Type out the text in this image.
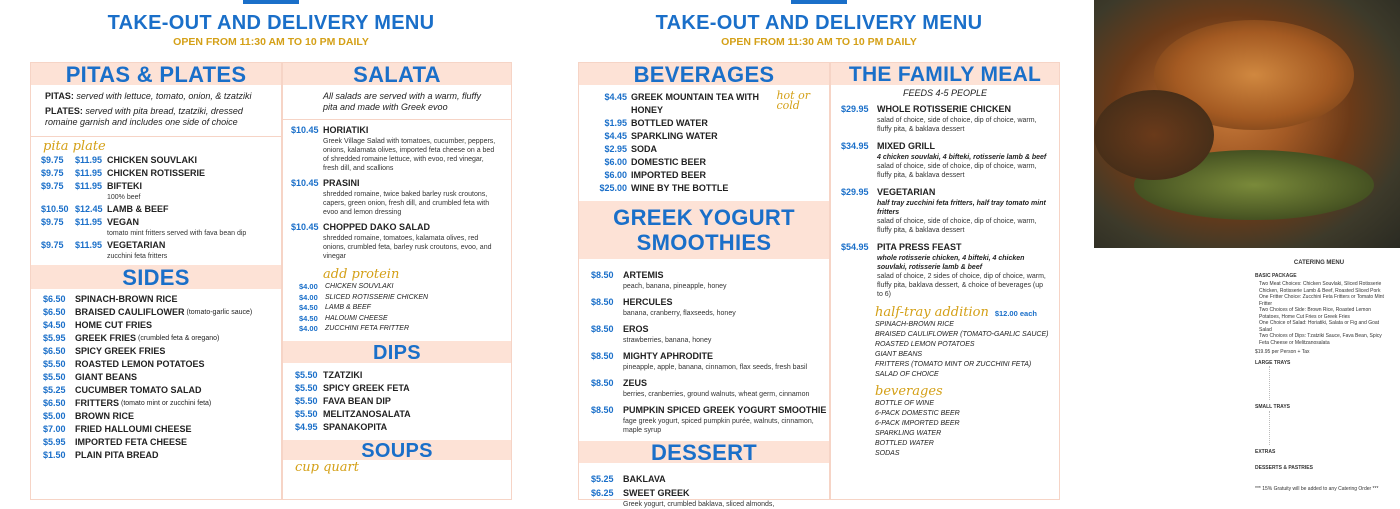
TAKE-OUT AND DELIVERY MENU
OPEN FROM 11:30 AM TO 10 PM DAILY
PITAS & PLATES
PITAS: served with lettuce, tomato, onion, & tzatziki
PLATES: served with pita bread, tzatziki, dressed romaine garnish and includes one side of choice
pita plate
$9.75	$11.95 CHICKEN SOUVLAKI
$9.75	$11.95 CHICKEN ROTISSERIE
$9.75	$11.95 BIFTEKI
100% beef
$10.50 $12.45 LAMB & BEEF
$9.75	$11.95 VEGAN
tomato mint fritters served with fava bean dip
$9.75	$11.95 VEGETARIAN
zucchini feta fritters
SIDES
$6.50	SPINACH-BROWN RICE
$6.50	BRAISED CAULIFLOWER (tomato-garlic sauce)
$4.50	HOME CUT FRIES
$5.95	GREEK FRIES (crumbled feta & oregano)
$6.50	SPICY GREEK FRIES
$5.50	ROASTED LEMON POTATOES
$5.50	GIANT BEANS
$5.25	CUCUMBER TOMATO SALAD
$6.50	FRITTERS (tomato mint or zucchini feta)
$5.00	BROWN RICE
$7.00	FRIED HALLOUMI CHEESE
$5.95	IMPORTED FETA CHEESE
$1.50	PLAIN PITA BREAD
SALATA
All salads are served with a warm, fluffy pita and made with Greek evoo
$10.45 HORIATIKI
Greek Village Salad with tomatoes, cucumber, peppers, onions, kalamata olives, imported feta cheese on a bed of shredded romaine lettuce, with evoo, red vinegar, fresh dill, and scallions
$10.45 PRASINI
shredded romaine, twice baked barley rusk croutons, capers, green onion, fresh dill, and crumbled feta with evoo and lemon dressing
$10.45 CHOPPED DAKO SALAD
shredded romaine, tomatoes, kalamata olives, red onions, crumbled feta, barley rusk croutons, evoo, and vinegar
add protein
$4.00	CHICKEN SOUVLAKI
$4.00	SLICED ROTISSERIE CHICKEN
$4.50	LAMB & BEEF
$4.50	HALOUMI CHEESE
$4.00	ZUCCHINI FETA FRITTER
DIPS
$5.50 TZATZIKI
$5.50 SPICY GREEK FETA
$5.50 FAVA BEAN DIP
$5.50 MELITZANOSALATA
$4.95 SPANAKOPITA
SOUPS
cup quart
TAKE-OUT AND DELIVERY MENU
OPEN FROM 11:30 AM TO 10 PM DAILY
BEVERAGES
$4.45 GREEK MOUNTAIN TEA WITH HONEY
hot or cold
$1.95 BOTTLED WATER
$4.45 SPARKLING WATER
$2.95 SODA
$6.00 DOMESTIC BEER
$6.00 IMPORTED BEER
$25.00 WINE BY THE BOTTLE
GREEK YOGURT
SMOOTHIES
$8.50	ARTEMIS
peach, banana, pineapple, honey
$8.50	HERCULES
banana, cranberry, flaxseeds, honey
$8.50	EROS
strawberries, banana, honey
$8.50	MIGHTY APHRODITE
pineapple, apple, banana, cinnamon, flax seeds, fresh basil
$8.50	ZEUS
berries, cranberries, ground walnuts, wheat germ, cinnamon
$8.50	PUMPKIN SPICED GREEK YOGURT SMOOTHIE
fage greek yogurt, spiced pumpkin purée, walnuts, cinnamon, maple syrup
DESSERT
$5.25	BAKLAVA
$6.25	SWEET GREEK
Greek yogurt, crumbled baklava, sliced almonds,
THE FAMILY MEAL
FEEDS 4-5 PEOPLE
$29.95 WHOLE ROTISSERIE CHICKEN
salad of choice, side of choice, dip of choice, warm, fluffy pita, & baklava dessert
$34.95 MIXED GRILL
4 chicken souvlaki, 4 bifteki, rotisserie lamb & beef
salad of choice, side of choice, dip of choice, warm, fluffy pita, & baklava dessert
$29.95 VEGETARIAN
half tray zucchini feta fritters, half tray tomato mint fritters
salad of choice, side of choice, dip of choice, warm, fluffy pita, & baklava dessert
$54.95 PITA PRESS FEAST
whole rotisserie chicken, 4 bifteki, 4 chicken souvlaki, rotisserie lamb & beef
salad of choice, 2 sides of choice, dip of choice, warm, fluffy pita, baklava dessert, & choice of beverages (up to 6)
half-tray addition $12.00 each
SPINACH-BROWN RICE
BRAISED CAULIFLOWER (TOMATO-GARLIC SAUCE)
ROASTED LEMON POTATOES
GIANT BEANS
FRITTERS (TOMATO MINT OR ZUCCHINI FETA)
SALAD OF CHOICE
beverages
BOTTLE OF WINE
6-PACK DOMESTIC BEER
6-PACK IMPORTED BEER
SPARKLING WATER
BOTTLED WATER
SODAS
CATERING MENU
BASIC PACKAGE
Two Meat Choices: Chicken Souvlaki, Sliced Rotisserie Chicken, Rotisserie Lamb & Beef, Roasted Sliced Pork
One Fritter Choice: Zucchini Feta Fritters or Tomato Mint Fritter
Two Choices of Side: Brown Rice, Roasted Lemon Potatoes, Home Cut Fries or Greek Fries
One Choice of Salad: Horiatiki, Salata or Fig and Goat Salad
Two Choices of Dips: Tzatziki Sauce, Fava Bean, Spicy Feta Cheese or Melitzanosalata
$19.95 per Person + Tax
LARGE TRAYS
SMALL TRAYS
EXTRAS
DESSERTS & PASTRIES
*** 15% Gratuity will be added to any Catering Order ***
